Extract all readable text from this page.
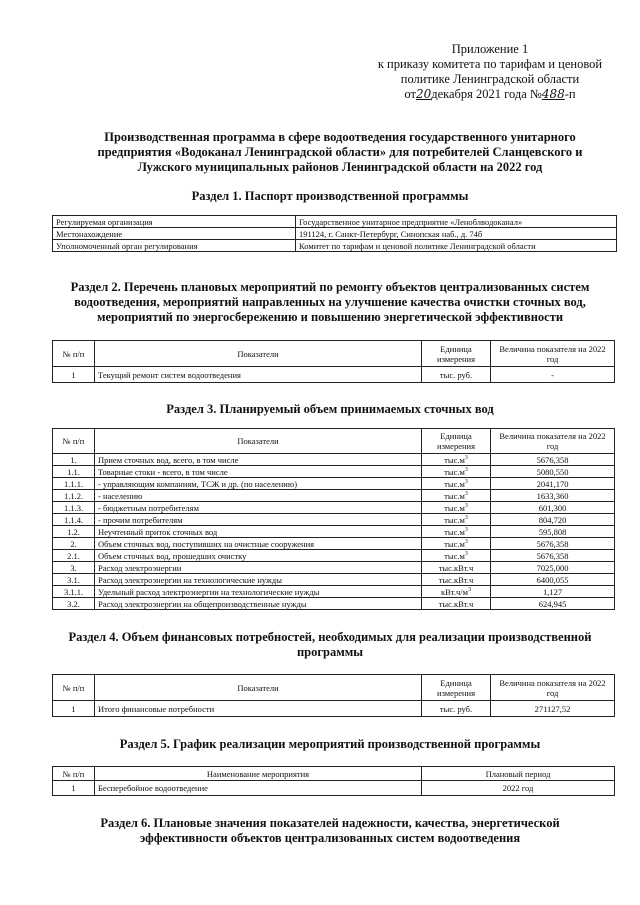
Приложение 1
к приказу комитета по тарифам и ценовой
политике Ленинградской области
от20декабря 2021 года №488-п
Производственная программа в сфере водоотведения государственного унитарного
предприятия «Водоканал Ленинградской области» для потребителей Сланцевского и
Лужского муниципальных районов Ленинградской области на 2022 год
Раздел 1. Паспорт производственной программы
Регулируемая организация	Государственное унитарное предприятие «Леноблводоканал»
Местонахождение	191124, г. Санкт-Петербург, Синопская наб., д. 74б
Уполномоченный орган регулирования	Комитет по тарифам и ценовой политике Ленинградской области
Раздел 2. Перечень плановых мероприятий по ремонту объектов централизованных систем
водоотведения, мероприятий направленных на улучшение качества очистки сточных вод,
мероприятий по энергосбережению и повышению энергетической эффективности
№ п/п	Показатели	Единица измерения	Величина показателя на 2022 год
1	Текущий ремонт систем водоотведения	тыс. руб.	-
Раздел 3. Планируемый объем принимаемых сточных вод
№ п/п	Показатели	Единица измерения	Величина показателя на 2022 год
1.	Прием сточных вод, всего, в том числе	$тыс.м^3$	5676,358
1.1.	Товарные стоки - всего, в том числе	$тыс.м^3$	5080,550
1.1.1.	- управляющим компаниям, ТСЖ и др. (по населению)	$тыс.м^3$	2041,170
1.1.2.	- населению	$тыс.м^3$	1633,360
1.1.3.	- бюджетным потребителям	$тыс.м^3$	601,300
1.1.4.	- прочим потребителям	$тыс.м^3$	804,720
1.2.	Неучтенный приток сточных вод	$тыс.м^3$	595,808
2.	Объем сточных вод, поступивших на очистные сооружения	$тыс.м^3$	5676,358
2.1.	Объем сточных вод, прошедших очистку	$тыс.м^3$	5676,358
3.	Расход электроэнергии	тыс.кВт.ч	7025,000
3.1.	Расход электроэнергии на технологические нужды	тыс.кВт.ч	6400,055
3.1.1.	Удельный расход электроэнергии на технологические нужды	$кВт.ч/м^3$	1,127
3.2.	Расход электроэнергии на общепроизводственные нужды	тыс.кВт.ч	624,945
Раздел 4. Объем финансовых потребностей, необходимых для реализации производственной
программы
№ п/п	Показатели	Единица измерения	Величина показателя на 2022 год
1	Итого финансовые потребности	тыс. руб.	271127,52
Раздел 5. График реализации мероприятий производственной программы
№ п/п	Наименование мероприятия	Плановый период
1	Бесперебойное водоотведение	2022 год
Раздел 6. Плановые значения показателей надежности, качества, энергетической
эффективности объектов централизованных систем водоотведения
